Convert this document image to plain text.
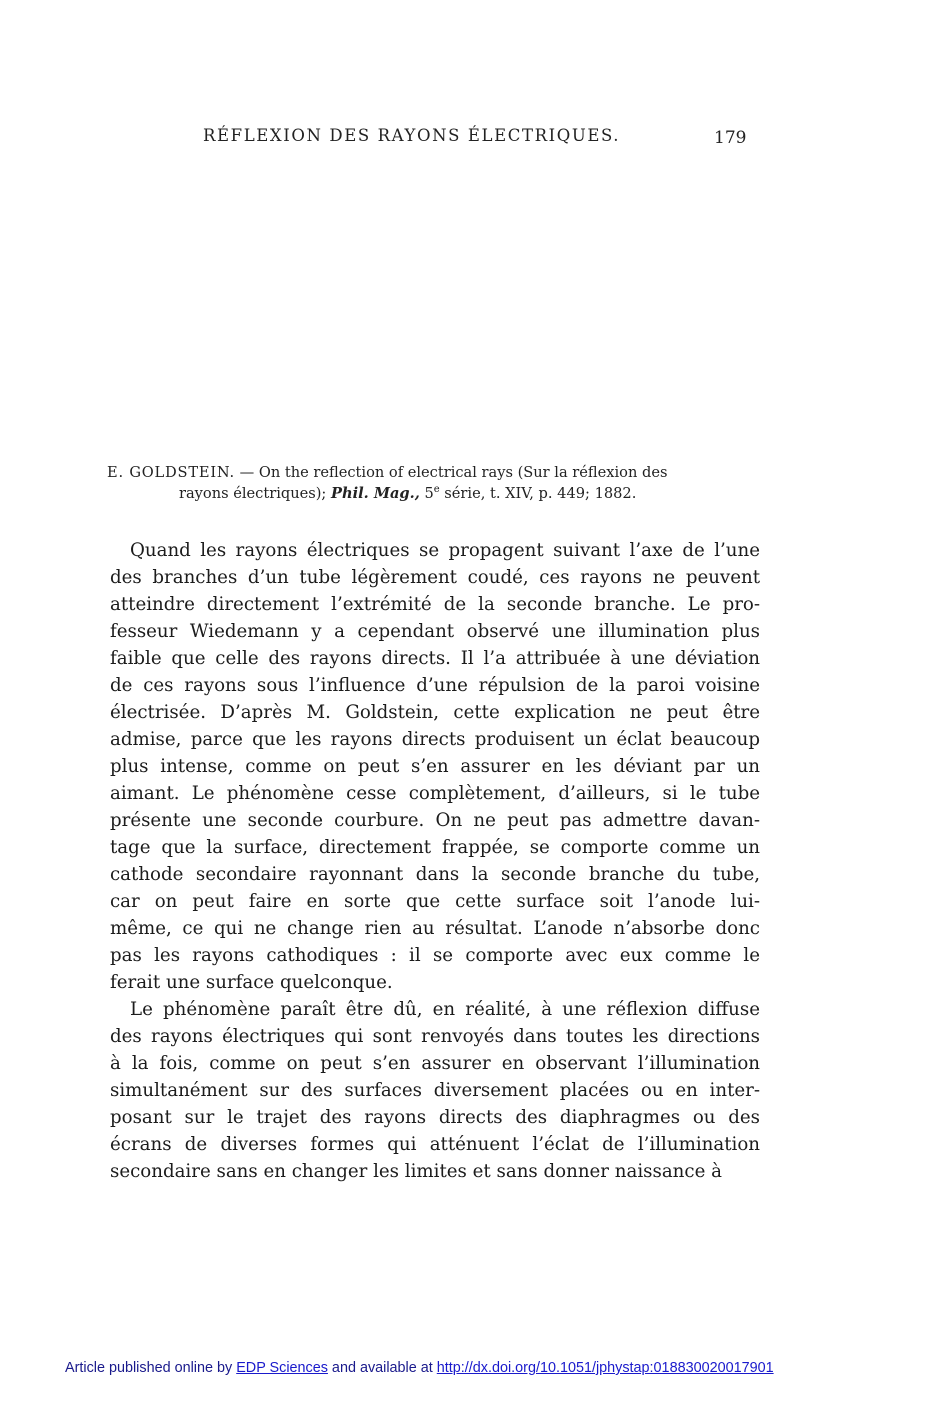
RÉFLEXION DES RAYONS ÉLECTRIQUES.	179
E. GOLDSTEIN. — On the reflection of electrical rays (Sur la réflexion des
rayons électriques); Phil. Mag., 5e série, t. XIV, p. 449; 1882.

Quand les rayons électriques se propagent suivant l’axe de l’une
des branches d’un tube légèrement coudé, ces rayons ne peuvent
atteindre directement l’extrémité de la seconde branche. Le pro-
fesseur Wiedemann y a cependant observé une illumination plus
faible que celle des rayons directs. Il l’a attribuée à une déviation
de ces rayons sous l’influence d’une répulsion de la paroi voisine
électrisée. D’après M. Goldstein, cette explication ne peut être
admise, parce que les rayons directs produisent un éclat beaucoup
plus intense, comme on peut s’en assurer en les déviant par un
aimant. Le phénomène cesse complètement, d’ailleurs, si le tube
présente une seconde courbure. On ne peut pas admettre davan-
tage que la surface, directement frappée, se comporte comme un
cathode secondaire rayonnant dans la seconde branche du tube,
car on peut faire en sorte que cette surface soit l’anode lui-
même, ce qui ne change rien au résultat. L’anode n’absorbe donc
pas les rayons cathodiques : il se comporte avec eux comme le
ferait une surface quelconque.

Le phénomène paraît être dû, en réalité, à une réflexion diffuse
des rayons électriques qui sont renvoyés dans toutes les directions
à la fois, comme on peut s’en assurer en observant l’illumination
simultanément sur des surfaces diversement placées ou en inter-
posant sur le trajet des rayons directs des diaphragmes ou des
écrans de diverses formes qui atténuent l’éclat de l’illumination
secondaire sans en changer les limites et sans donner naissance à

Article published online by EDP Sciences and available at http://dx.doi.org/10.1051/jphystap:018830020017901
